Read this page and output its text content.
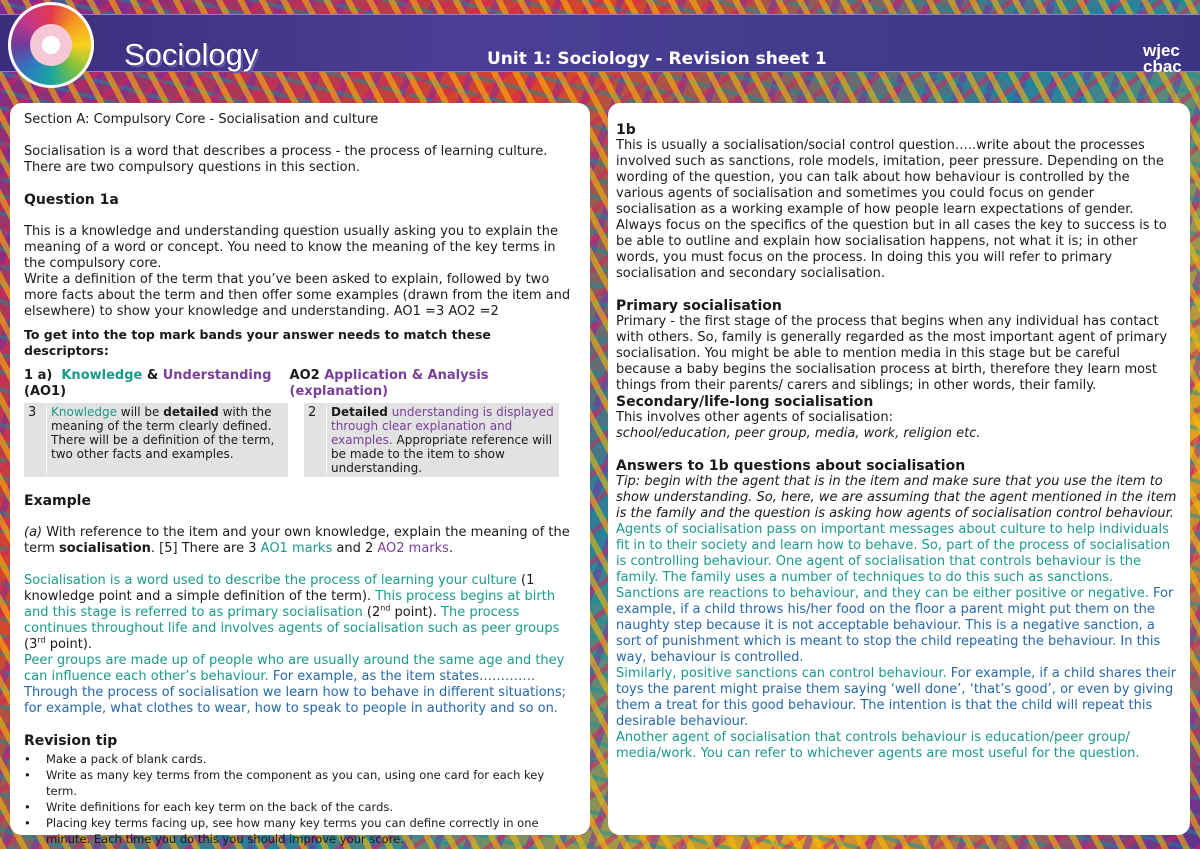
Sociology	Unit 1: Sociology - Revision sheet 1	wjec
cbac

Section A: Compulsory Core - Socialisation and culture

Socialisation is a word that describes a process - the process of learning culture. There are two compulsory questions in this section.

Question 1a

This is a knowledge and understanding question usually asking you to explain the meaning of a word or concept. You need to know the meaning of the key terms in the compulsory core.

Write a definition of the term that you’ve been asked to explain, followed by two more facts about the term and then offer some examples (drawn from the item and elsewhere) to show your knowledge and understanding. AO1 =3 AO2 =2

To get into the top mark bands your answer needs to match these descriptors:

1 a) Knowledge & Understanding (AO1)
AO2 Application & Analysis (explanation)
3	Knowledge will be detailed with the meaning of the term clearly defined. There will be a definition of the term, two other facts and examples.
2	Detailed understanding is displayed through clear explanation and examples. Appropriate reference will be made to the item to show understanding.

Example

(a) With reference to the item and your own knowledge, explain the meaning of the term socialisation. [5] There are 3 AO1 marks and 2 AO2 marks.

Socialisation is a word used to describe the process of learning your culture (1 knowledge point and a simple definition of the term). This process begins at birth and this stage is referred to as primary socialisation (2nd point). The process continues throughout life and involves agents of socialisation such as peer groups (3rd point).

Peer groups are made up of people who are usually around the same age and they can influence each other’s behaviour. For example, as the item states…………. Through the process of socialisation we learn how to behave in different situations; for example, what clothes to wear, how to speak to people in authority and so on.

Revision tip

• Make a pack of blank cards.
• Write as many key terms from the component as you can, using one card for each key term.
• Write definitions for each key term on the back of the cards.
• Placing key terms facing up, see how many key terms you can define correctly in one minute. Each time you do this you should improve your score.

1b

This is usually a socialisation/social control question…..write about the processes involved such as sanctions, role models, imitation, peer pressure. Depending on the wording of the question, you can talk about how behaviour is controlled by the various agents of socialisation and sometimes you could focus on gender socialisation as a working example of how people learn expectations of gender. Always focus on the specifics of the question but in all cases the key to success is to be able to outline and explain how socialisation happens, not what it is; in other words, you must focus on the process. In doing this you will refer to primary socialisation and secondary socialisation.

Primary socialisation

Primary - the first stage of the process that begins when any individual has contact with others. So, family is generally regarded as the most important agent of primary socialisation. You might be able to mention media in this stage but be careful because a baby begins the socialisation process at birth, therefore they learn most things from their parents/ carers and siblings; in other words, their family.

Secondary/life-long socialisation

This involves other agents of socialisation:

school/education, peer group, media, work, religion etc.

Answers to 1b questions about socialisation

Tip: begin with the agent that is in the item and make sure that you use the item to show understanding. So, here, we are assuming that the agent mentioned in the item is the family and the question is asking how agents of socialisation control behaviour.

Agents of socialisation pass on important messages about culture to help individuals fit in to their society and learn how to behave. So, part of the process of socialisation is controlling behaviour. One agent of socialisation that controls behaviour is the family. The family uses a number of techniques to do this such as sanctions. Sanctions are reactions to behaviour, and they can be either positive or negative. For example, if a child throws his/her food on the floor a parent might put them on the naughty step because it is not acceptable behaviour. This is a negative sanction, a sort of punishment which is meant to stop the child repeating the behaviour. In this way, behaviour is controlled.

Similarly, positive sanctions can control behaviour. For example, if a child shares their toys the parent might praise them saying ‘well done’, ‘that’s good’, or even by giving them a treat for this good behaviour. The intention is that the child will repeat this desirable behaviour.

Another agent of socialisation that controls behaviour is education/peer group/ media/work. You can refer to whichever agents are most useful for the question.
